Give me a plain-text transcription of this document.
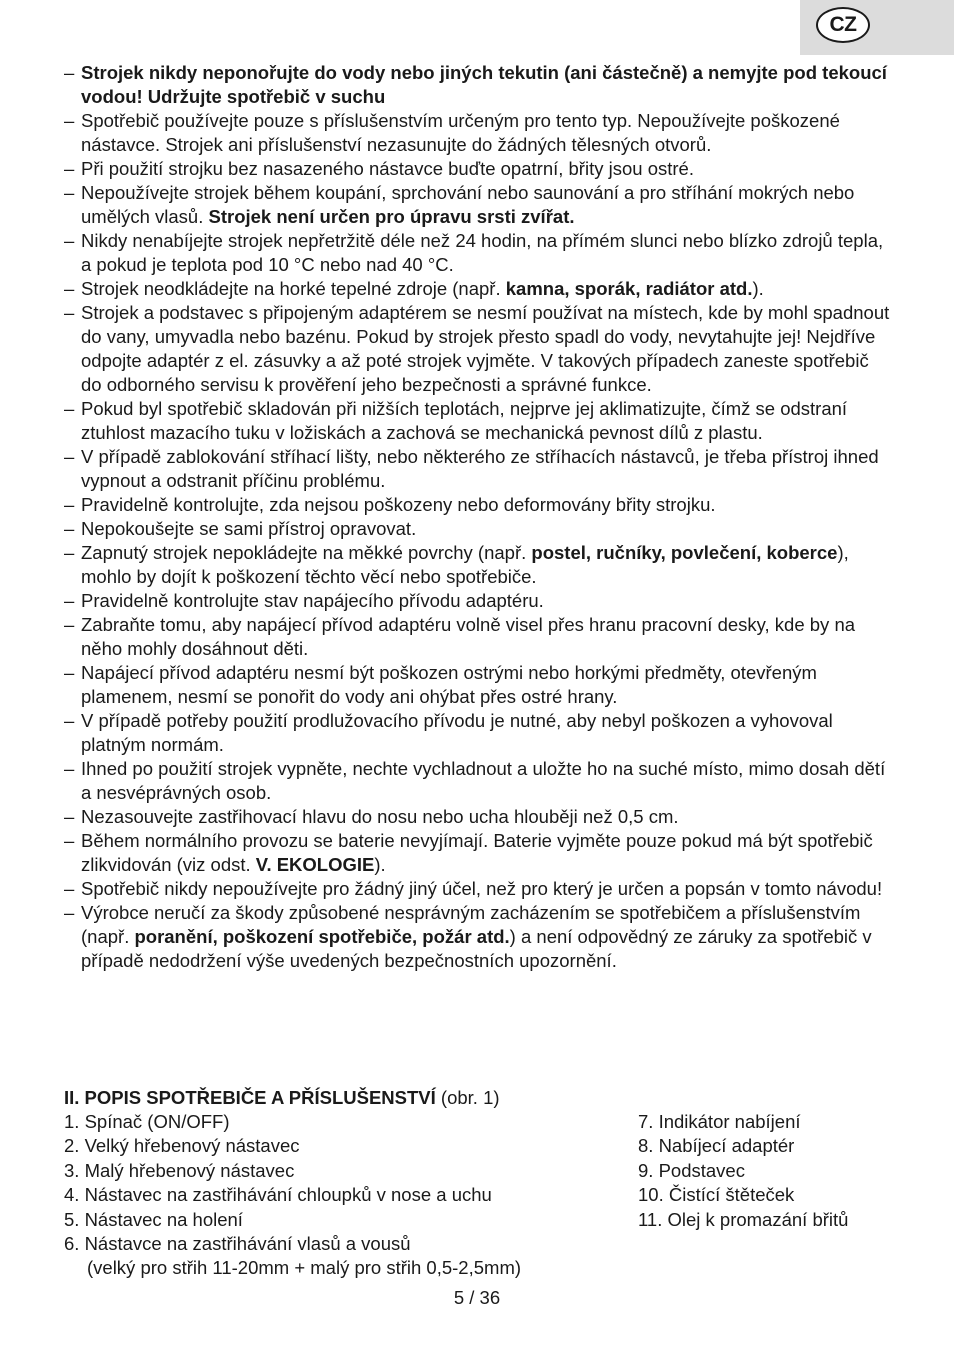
CZ
– Strojek nikdy neponořujte do vody nebo jiných tekutin (ani částečně) a nemyjte pod tekoucí vodou! Udržujte spotřebič v suchu
– Spotřebič používejte pouze s příslušenstvím určeným pro tento typ. Nepoužívejte poškozené nástavce. Strojek ani příslušenství nezasunujte do žádných tělesných otvorů.
– Při použití strojku bez nasazeného nástavce buďte opatrní, břity jsou ostré.
– Nepoužívejte strojek během koupání, sprchování nebo saunování a pro stříhání mokrých nebo umělých vlasů. Strojek není určen pro úpravu srsti zvířat.
– Nikdy nenabíjejte strojek nepřetržitě déle než 24 hodin, na přímém slunci nebo blízko zdrojů tepla, a pokud je teplota pod 10 °C nebo nad 40 °C.
– Strojek neodkládejte na horké tepelné zdroje (např. kamna, sporák, radiátor atd.).
– Strojek a podstavec s připojeným adaptérem se nesmí používat na místech, kde by mohl spadnout do vany, umyvadla nebo bazénu. Pokud by strojek přesto spadl do vody, nevytahujte jej! Nejdříve odpojte adaptér z el. zásuvky a až poté strojek vyjměte. V takových případech zaneste spotřebič do odborného servisu k prověření jeho bezpečnosti a správné funkce.
– Pokud byl spotřebič skladován při nižších teplotách, nejprve jej aklimatizujte, čímž se odstraní ztuhlost mazacího tuku v ložiskách a zachová se mechanická pevnost dílů z plastu.
– V případě zablokování stříhací lišty, nebo některého ze stříhacích nástavců, je třeba přístroj ihned vypnout a odstranit příčinu problému.
– Pravidelně kontrolujte, zda nejsou poškozeny nebo deformovány břity strojku.
– Nepokoušejte se sami přístroj opravovat.
– Zapnutý strojek nepokládejte na měkké povrchy (např. postel, ručníky, povlečení, koberce), mohlo by dojít k poškození těchto věcí nebo spotřebiče.
– Pravidelně kontrolujte stav napájecího přívodu adaptéru.
– Zabraňte tomu, aby napájecí přívod adaptéru volně visel přes hranu pracovní desky, kde by na něho mohly dosáhnout děti.
– Napájecí přívod adaptéru nesmí být poškozen ostrými nebo horkými předměty, otevřeným plamenem, nesmí se ponořit do vody ani ohýbat přes ostré hrany.
– V případě potřeby použití prodlužovacího přívodu je nutné, aby nebyl poškozen a vyhovoval platným normám.
– Ihned po použití strojek vypněte, nechte vychladnout a uložte ho na suché místo, mimo dosah dětí a nesvéprávných osob.
– Nezasouvejte zastřihovací hlavu do nosu nebo ucha hlouběji než 0,5 cm.
– Během normálního provozu se baterie nevyjímají. Baterie vyjměte pouze pokud má být spotřebič zlikvidován (viz odst. V. EKOLOGIE).
– Spotřebič nikdy nepoužívejte pro žádný jiný účel, než pro který je určen a popsán v tomto návodu!
– Výrobce neručí za škody způsobené nesprávným zacházením se spotřebičem a příslušenstvím (např. poranění, poškození spotřebiče, požár atd.) a není odpovědný ze záruky za spotřebič v případě nedodržení výše uvedených bezpečnostních upozornění.
II. POPIS SPOTŘEBIČE A PŘÍSLUŠENSTVÍ (obr. 1)
1. Spínač (ON/OFF)
2. Velký hřebenový nástavec
3. Malý hřebenový nástavec
4. Nástavec na zastřihávání chloupků v nose a uchu
5. Nástavec na holení
6. Nástavce na zastřihávání vlasů a vousů
(velký pro střih 11-20mm + malý pro střih 0,5-2,5mm)
7. Indikátor nabíjení
8. Nabíjecí adaptér
9. Podstavec
10. Čistící štěteček
11. Olej k promazání břitů
5 / 36
